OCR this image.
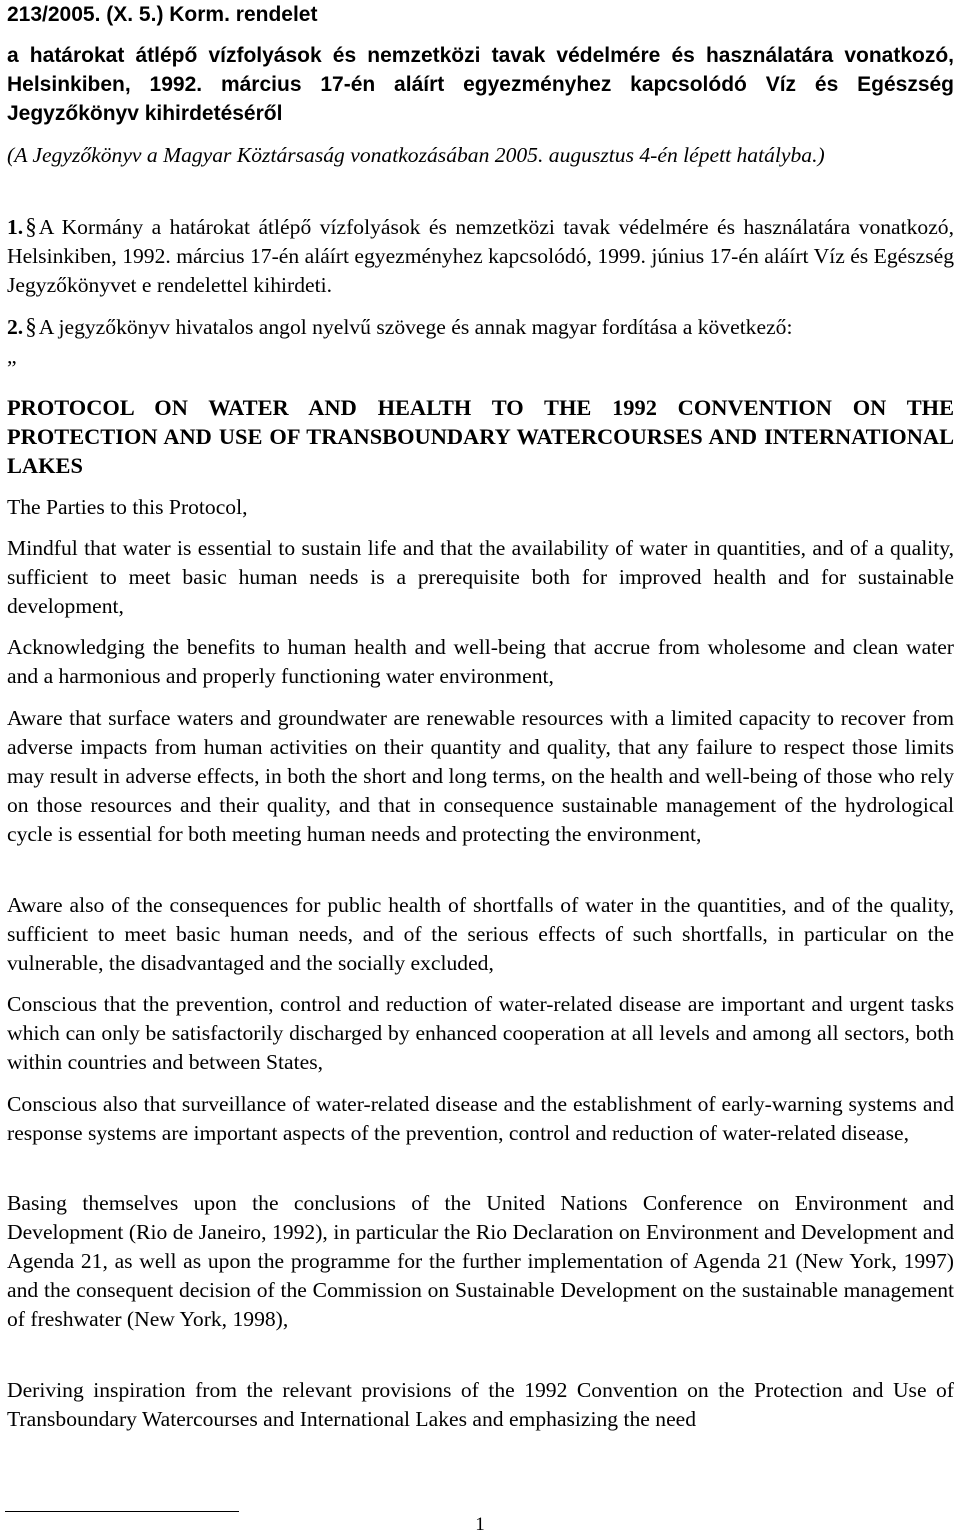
213/2005. (X. 5.) Korm. rendelet

a határokat átlépő vízfolyások és nemzetközi tavak védelmére és használatára vonatkozó, Helsinkiben, 1992. március 17-én aláírt egyezményhez kapcsolódó Víz és Egészség Jegyzőkönyv kihirdetéséről

(A Jegyzőkönyv a Magyar Köztársaság vonatkozásában 2005. augusztus 4-én lépett hatályba.)

1.§A Kormány a határokat átlépő vízfolyások és nemzetközi tavak védelmére és használatára vonatkozó, Helsinkiben, 1992. március 17-én aláírt egyezményhez kapcsolódó, 1999. június 17-én aláírt Víz és Egészség Jegyzőkönyvet e rendelettel kihirdeti.

2.§A jegyzőkönyv hivatalos angol nyelvű szövege és annak magyar fordítása a következő:

„

PROTOCOL ON WATER AND HEALTH TO THE 1992 CONVENTION ON THE PROTECTION AND USE OF TRANSBOUNDARY WATERCOURSES AND INTERNATIONAL LAKES

The Parties to this Protocol,

Mindful that water is essential to sustain life and that the availability of water in quantities, and of a quality, sufficient to meet basic human needs is a prerequisite both for improved health and for sustainable development,

Acknowledging the benefits to human health and well-being that accrue from wholesome and clean water and a harmonious and properly functioning water environment,

Aware that surface waters and groundwater are renewable resources with a limited capacity to recover from adverse impacts from human activities on their quantity and quality, that any failure to respect those limits may result in adverse effects, in both the short and long terms, on the health and well-being of those who rely on those resources and their quality, and that in consequence sustainable management of the hydrological cycle is essential for both meeting human needs and protecting the environment,

Aware also of the consequences for public health of shortfalls of water in the quantities, and of the quality, sufficient to meet basic human needs, and of the serious effects of such shortfalls, in particular on the vulnerable, the disadvantaged and the socially excluded,

Conscious that the prevention, control and reduction of water-related disease are important and urgent tasks which can only be satisfactorily discharged by enhanced cooperation at all levels and among all sectors, both within countries and between States,

Conscious also that surveillance of water-related disease and the establishment of early-warning systems and response systems are important aspects of the prevention, control and reduction of water-related disease,

Basing themselves upon the conclusions of the United Nations Conference on Environment and Development (Rio de Janeiro, 1992), in particular the Rio Declaration on Environment and Development and Agenda 21, as well as upon the programme for the further implementation of Agenda 21 (New York, 1997) and the consequent decision of the Commission on Sustainable Development on the sustainable management of freshwater (New York, 1998),

Deriving inspiration from the relevant provisions of the 1992 Convention on the Protection and Use of Transboundary Watercourses and International Lakes and emphasizing the need

1
